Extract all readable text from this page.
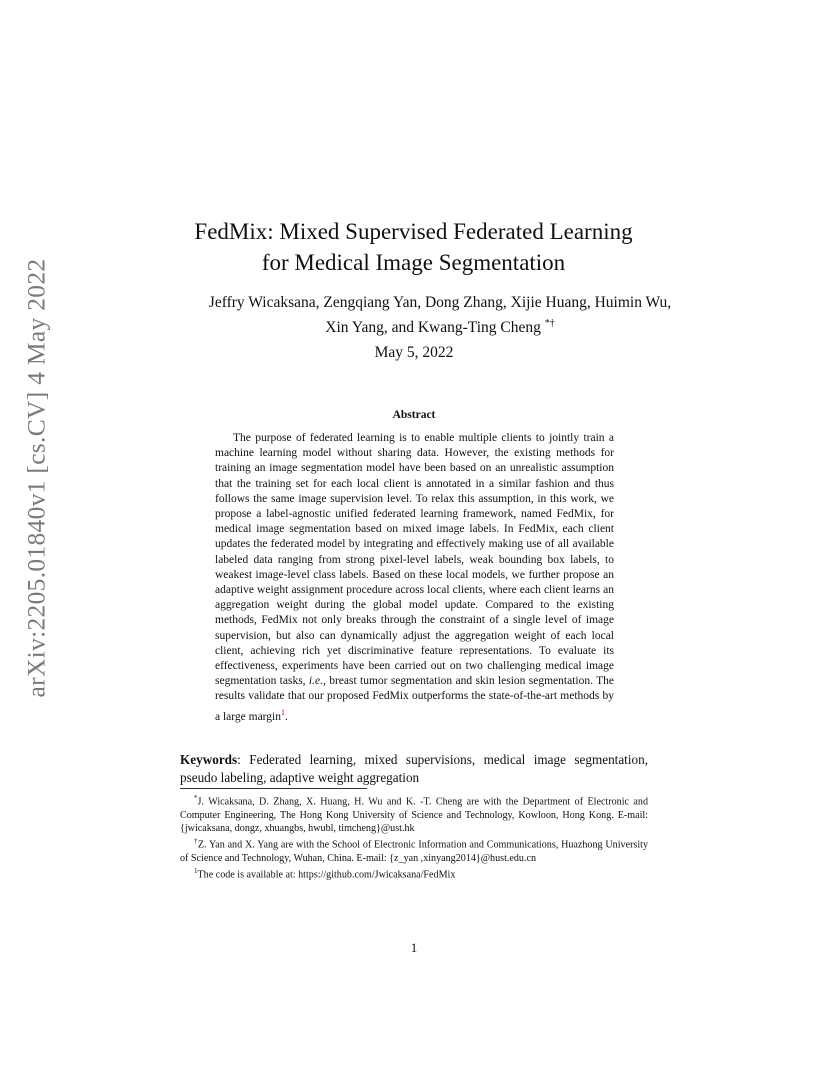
arXiv:2205.01840v1 [cs.CV] 4 May 2022
FedMix: Mixed Supervised Federated Learning
for Medical Image Segmentation
Jeffry Wicaksana, Zengqiang Yan, Dong Zhang, Xijie Huang, Huimin Wu,
Xin Yang, and Kwang-Ting Cheng *†
May 5, 2022
Abstract

The purpose of federated learning is to enable multiple clients to jointly train a machine learning model without sharing data. However, the existing methods for training an image segmentation model have been based on an unrealistic assumption that the training set for each local client is annotated in a similar fashion and thus follows the same image supervision level. To relax this assumption, in this work, we propose a label-agnostic unified federated learning framework, named FedMix, for medical image segmentation based on mixed image labels. In FedMix, each client updates the federated model by integrating and effectively making use of all available labeled data ranging from strong pixel-level labels, weak bounding box labels, to weakest image-level class labels. Based on these local models, we further propose an adaptive weight assignment procedure across local clients, where each client learns an aggregation weight during the global model update. Compared to the existing methods, FedMix not only breaks through the constraint of a single level of image supervision, but also can dynamically adjust the aggregation weight of each local client, achieving rich yet discriminative feature representations. To evaluate its effectiveness, experiments have been carried out on two challenging medical image segmentation tasks, i.e., breast tumor segmentation and skin lesion segmentation. The results validate that our proposed FedMix outperforms the state-of-the-art methods by a large margin$^1$.

Keywords: Federated learning, mixed supervisions, medical image segmentation, pseudo labeling, adaptive weight aggregation

*J. Wicaksana, D. Zhang, X. Huang, H. Wu and K. -T. Cheng are with the Department of Electronic and Computer Engineering, The Hong Kong University of Science and Technology, Kowloon, Hong Kong. E-mail: {jwicaksana, dongz, xhuangbs, hwubl, timcheng}@ust.hk

†Z. Yan and X. Yang are with the School of Electronic Information and Communications, Huazhong University of Science and Technology, Wuhan, China. E-mail: {z_yan ,xinyang2014}@hust.edu.cn

$^1$The code is available at: https://github.com/Jwicaksana/FedMix

1
